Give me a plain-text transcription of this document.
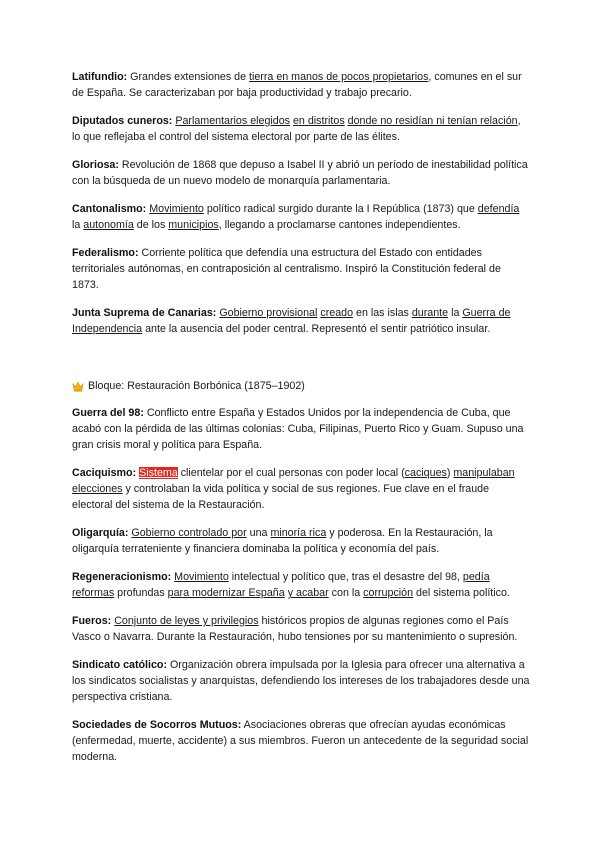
Latifundio: Grandes extensiones de tierra en manos de pocos propietarios, comunes en el sur de España. Se caracterizaban por baja productividad y trabajo precario.

Diputados cuneros: Parlamentarios elegidos en distritos donde no residían ni tenían relación, lo que reflejaba el control del sistema electoral por parte de las élites.

Gloriosa: Revolución de 1868 que depuso a Isabel II y abrió un período de inestabilidad política con la búsqueda de un nuevo modelo de monarquía parlamentaria.

Cantonalismo: Movimiento político radical surgido durante la I República (1873) que defendía la autonomía de los municipios, llegando a proclamarse cantones independientes.

Federalismo: Corriente política que defendía una estructura del Estado con entidades territoriales autónomas, en contraposición al centralismo. Inspiró la Constitución federal de 1873.

Junta Suprema de Canarias: Gobierno provisional creado en las islas durante la Guerra de Independencia ante la ausencia del poder central. Representó el sentir patriótico insular.

Bloque: Restauración Borbónica (1875–1902)

Guerra del 98: Conflicto entre España y Estados Unidos por la independencia de Cuba, que acabó con la pérdida de las últimas colonias: Cuba, Filipinas, Puerto Rico y Guam. Supuso una gran crisis moral y política para España.

Caciquismo: Sistema clientelar por el cual personas con poder local (caciques) manipulaban elecciones y controlaban la vida política y social de sus regiones. Fue clave en el fraude electoral del sistema de la Restauración.

Oligarquía: Gobierno controlado por una minoría rica y poderosa. En la Restauración, la oligarquía terrateniente y financiera dominaba la política y economía del país.

Regeneracionismo: Movimiento intelectual y político que, tras el desastre del 98, pedía reformas profundas para modernizar España y acabar con la corrupción del sistema político.

Fueros: Conjunto de leyes y privilegios históricos propios de algunas regiones como el País Vasco o Navarra. Durante la Restauración, hubo tensiones por su mantenimiento o supresión.

Sindicato católico: Organización obrera impulsada por la Iglesia para ofrecer una alternativa a los sindicatos socialistas y anarquistas, defendiendo los intereses de los trabajadores desde una perspectiva cristiana.

Sociedades de Socorros Mutuos: Asociaciones obreras que ofrecían ayudas económicas (enfermedad, muerte, accidente) a sus miembros. Fueron un antecedente de la seguridad social moderna.
